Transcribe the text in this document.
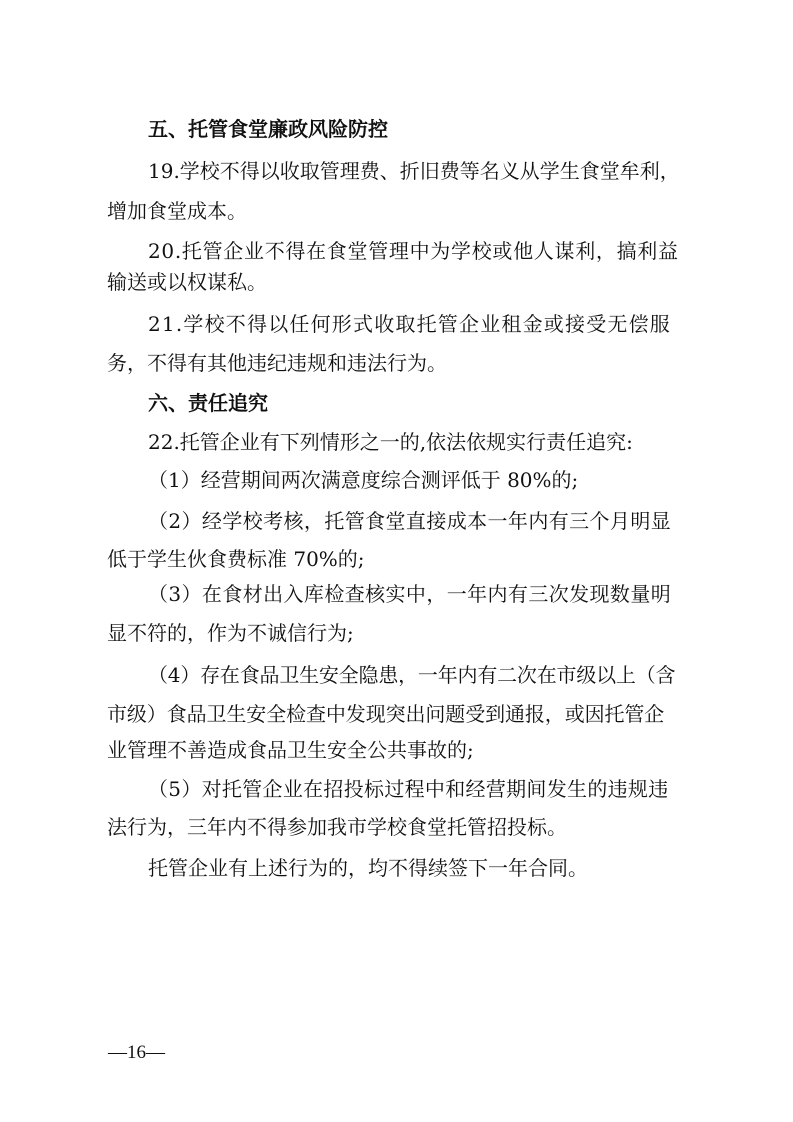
五、托管食堂廉政风险防控
19.学校不得以收取管理费、折旧费等名义从学生食堂牟利，
增加食堂成本。
20.托管企业不得在食堂管理中为学校或他人谋利，搞利益
输送或以权谋私。
21.学校不得以任何形式收取托管企业租金或接受无偿服
务，不得有其他违纪违规和违法行为。
六、责任追究
22.托管企业有下列情形之一的,依法依规实行责任追究:
（1）经营期间两次满意度综合测评低于 80%的;
（2）经学校考核，托管食堂直接成本一年内有三个月明显
低于学生伙食费标准 70%的;
（3）在食材出入库检查核实中，一年内有三次发现数量明
显不符的，作为不诚信行为;
（4）存在食品卫生安全隐患，一年内有二次在市级以上（含
市级）食品卫生安全检查中发现突出问题受到通报，或因托管企
业管理不善造成食品卫生安全公共事故的;
（5）对托管企业在招投标过程中和经营期间发生的违规违
法行为，三年内不得参加我市学校食堂托管招投标。
托管企业有上述行为的，均不得续签下一年合同。
—16—
